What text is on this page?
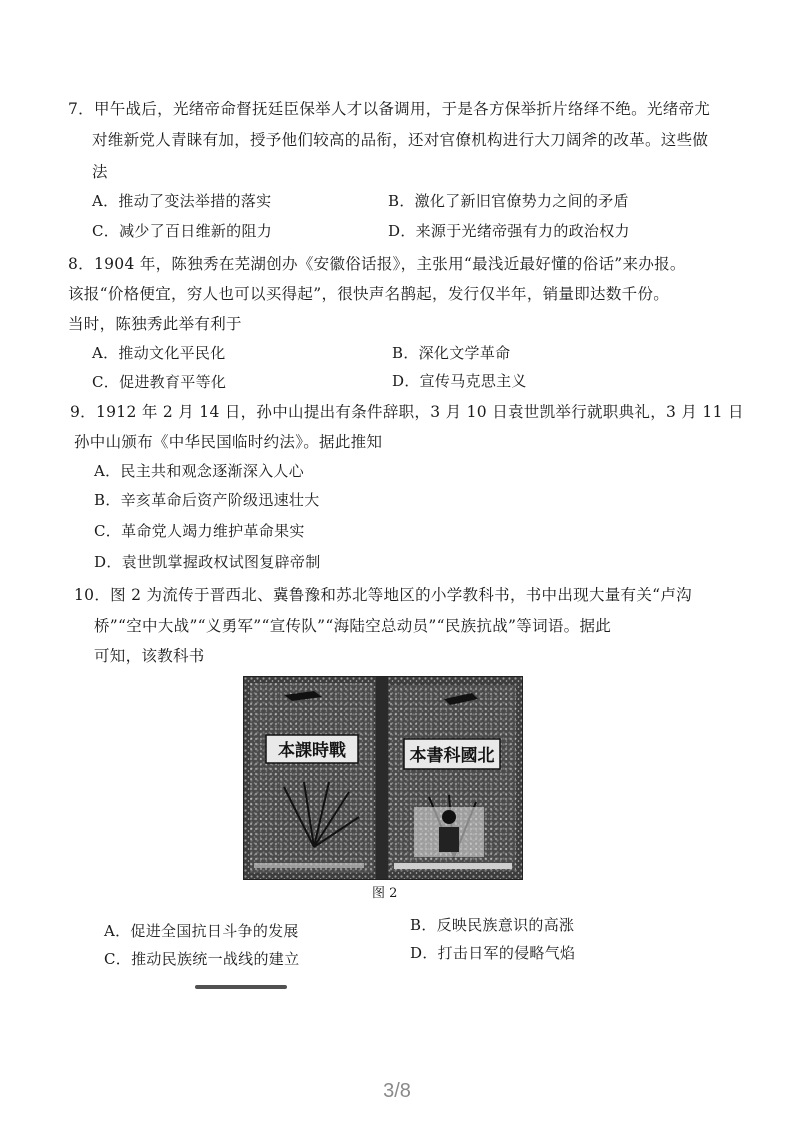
7．甲午战后，光绪帝命督抚廷臣保举人才以备调用，于是各方保举折片络绎不绝。光绪帝尤
对维新党人青睐有加，授予他们较高的品衔，还对官僚机构进行大刀阔斧的改革。这些做
法
A．推动了变法举措的落实	B．激化了新旧官僚势力之间的矛盾
C．减少了百日维新的阻力	D．来源于光绪帝强有力的政治权力
8．1904 年，陈独秀在芜湖创办《安徽俗话报》，主张用“最浅近最好懂的俗话”来办报。
该报“价格便宜，穷人也可以买得起”，很快声名鹊起，发行仅半年，销量即达数千份。
当时，陈独秀此举有利于
A．推动文化平民化	B．深化文学革命
C．促进教育平等化	D．宣传马克思主义
9．1912 年 2 月 14 日，孙中山提出有条件辞职，3 月 10 日袁世凯举行就职典礼，3 月 11 日
孙中山颁布《中华民国临时约法》。据此推知
A．民主共和观念逐渐深入人心
B．辛亥革命后资产阶级迅速壮大
C．革命党人竭力维护革命果实
D．袁世凯掌握政权试图复辟帝制
10．图 2 为流传于晋西北、冀鲁豫和苏北等地区的小学教科书，书中出现大量有关“卢沟
桥”“空中大战”“义勇军”“宣传队”“海陆空总动员”“民族抗战”等词语。据此
可知，该教科书
本課時戰	本書科國北
图 2
A．促进全国抗日斗争的发展	B．反映民族意识的高涨
C．推动民族统一战线的建立	D．打击日军的侵略气焰
3/8
